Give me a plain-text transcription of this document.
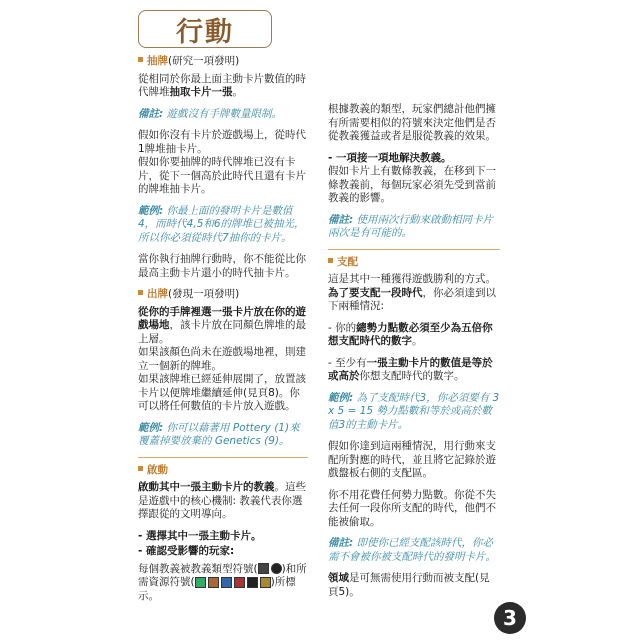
行動
抽牌 (研究一項發明)

從相同於你最上面主動卡片數值的時代牌堆抽取卡片一張。

備註: 遊戲沒有手牌數量限制。

假如你沒有卡片於遊戲場上，從時代1牌堆抽卡片。

假如你要抽牌的時代牌堆已沒有卡片，從下一個高於此時代且還有卡片的牌堆抽卡片。

範例: 你最上面的發明卡片是數值4，而時代4,5和6的牌堆已被抽光，所以你必須從時代7抽你的卡片。

當你執行抽牌行動時，你不能從比你最高主動卡片還小的時代抽卡片。

出牌 (發現一項發明)

從你的手牌裡選一張卡片放在你的遊戲場地，該卡片放在同顏色牌堆的最上層。

如果該顏色尚未在遊戲場地裡，則建立一個新的牌堆。

如果該牌堆已經延伸展開了，放置該卡片以便牌堆繼續延伸(見頁8)。你可以將任何數值的卡片放入遊戲。

範例: 你可以藉著用 Pottery (1)來覆蓋掉要放棄的 Genetics (9)。

啟動

啟動其中一張主動卡片的教義。這些是遊戲中的核心機制: 教義代表你選擇跟從的文明導向。

- 選擇其中一張主動卡片。

- 確認受影響的玩家:

每個教義被教義類型符號( )和所需資源符號(	)所標示。

根據教義的類型，玩家們總計他們擁有所需要相似的符號來決定他們是否從教義獲益或者是服從教義的效果。

- 一項接一項地解決教義。

假如卡片上有數條教義，在移到下一條教義前，每個玩家必須先受到當前教義的影響。

備註: 使用兩次行動來啟動相同卡片兩次是有可能的。

支配

這是其中一種獲得遊戲勝利的方式。為了要支配一段時代，你必須達到以下兩種情況:

- 你的總勢力點數必須至少為五倍你想支配時代的數字。

- 至少有一張主動卡片的數值是等於或高於你想支配時代的數字。

範例: 為了支配時代3，你必須要有 3 x 5 = 15 勢力點數和等於或高於數值3的主動卡片。

假如你達到這兩種情況，用行動來支配所對應的時代，並且將它記錄於遊戲盤板右側的支配區。

你不用花費任何勢力點數。你從不失去任何一段你所支配的時代，他們不能被偷取。

備註: 即使你已經支配該時代，你必需不會被你被支配時代的發明卡片。

領域是可無需使用行動而被支配(見頁5)。

3
